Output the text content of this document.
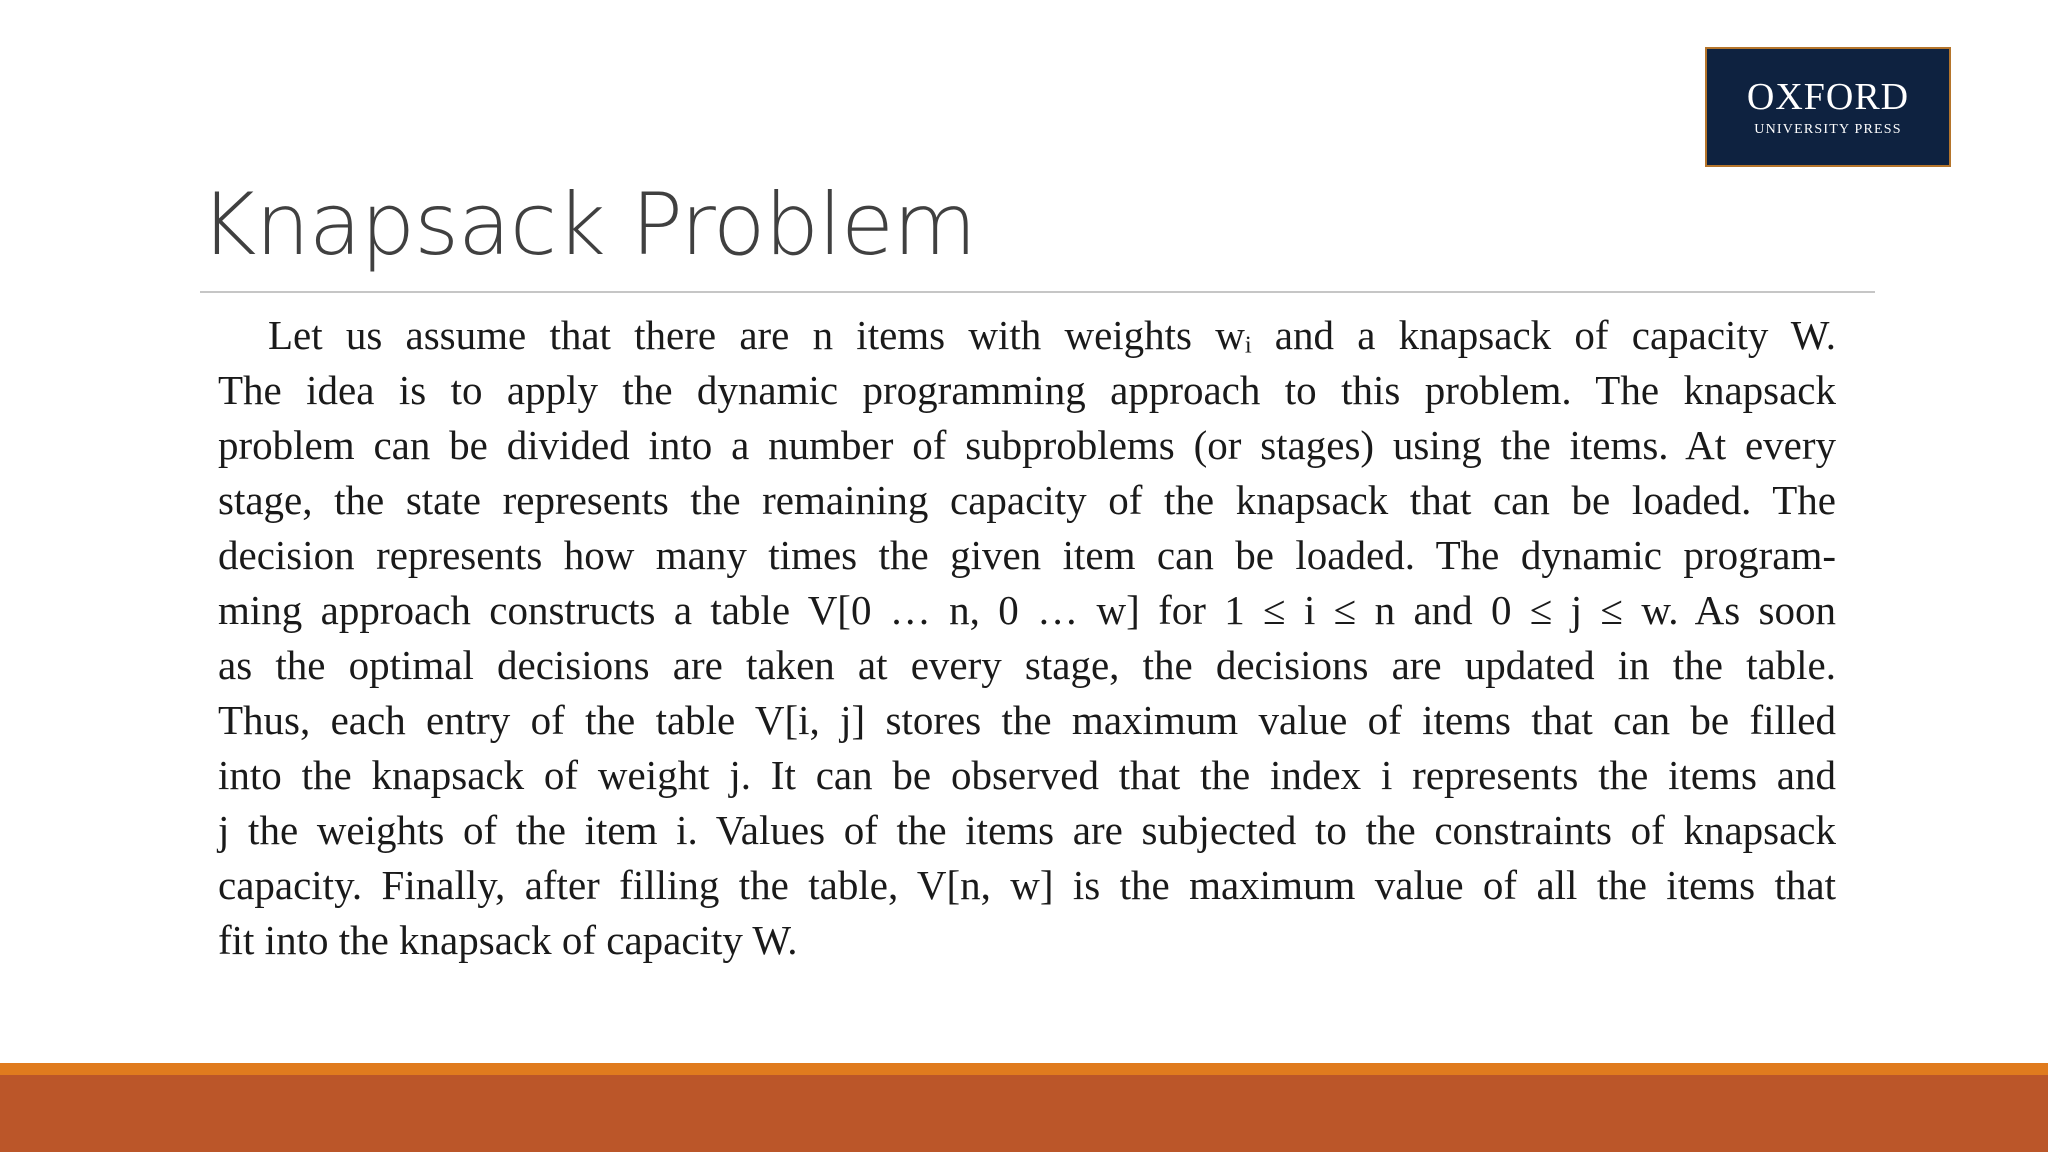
OXFORD
UNIVERSITY PRESS
Knapsack Problem
Let us assume that there are n items with weights wᵢ and a knapsack of capacity W.
The idea is to apply the dynamic programming approach to this problem. The knapsack
problem can be divided into a number of subproblems (or stages) using the items. At every
stage, the state represents the remaining capacity of the knapsack that can be loaded. The
decision represents how many times the given item can be loaded. The dynamic program-
ming approach constructs a table V[0 … n, 0 … w] for 1 ≤ i ≤ n and 0 ≤ j ≤ w. As soon
as the optimal decisions are taken at every stage, the decisions are updated in the table.
Thus, each entry of the table V[i, j] stores the maximum value of items that can be filled
into the knapsack of weight j. It can be observed that the index i represents the items and
j the weights of the item i. Values of the items are subjected to the constraints of knapsack
capacity. Finally, after filling the table, V[n, w] is the maximum value of all the items that
fit into the knapsack of capacity W.
